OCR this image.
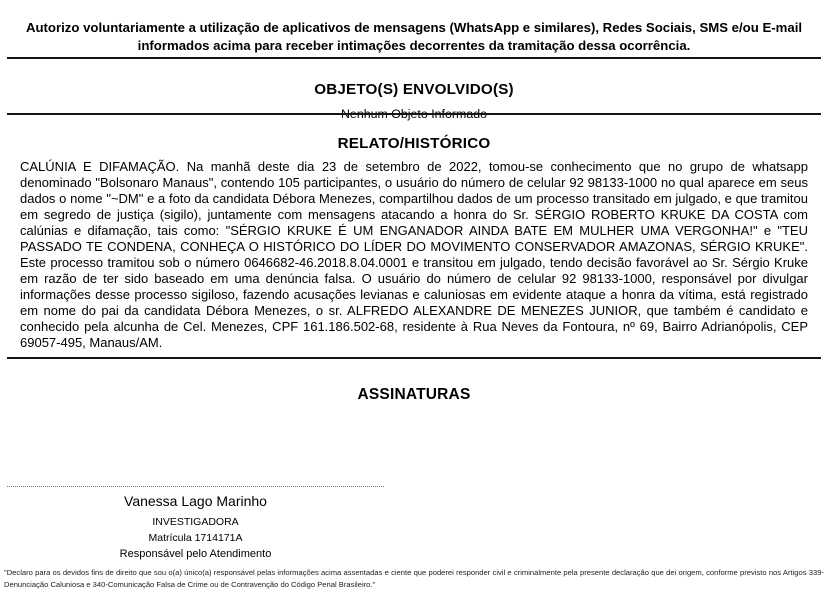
Autorizo voluntariamente a utilização de aplicativos de mensagens (WhatsApp e similares), Redes Sociais, SMS e/ou E-mail informados acima para receber intimações decorrentes da tramitação dessa ocorrência.

OBJETO(S) ENVOLVIDO(S)

RELATO/HISTÓRICO

CALÚNIA E DIFAMAÇÃO. Na manhã deste dia 23 de setembro de 2022, tomou-se conhecimento que no grupo de whatsapp denominado "Bolsonaro Manaus", contendo 105 participantes, o usuário do número de celular 92 98133-1000 no qual aparece em seus dados o nome "~DM" e a foto da candidata Débora Menezes, compartilhou dados de um processo transitado em julgado, e que tramitou em segredo de justiça (sigilo), juntamente com mensagens atacando a honra do Sr. SÉRGIO ROBERTO KRUKE DA COSTA com calúnias e difamação, tais como: "SÉRGIO KRUKE É UM ENGANADOR AINDA BATE EM MULHER UMA VERGONHA!" e "TEU PASSADO TE CONDENA, CONHEÇA O HISTÓRICO DO LÍDER DO MOVIMENTO CONSERVADOR AMAZONAS, SÉRGIO KRUKE". Este processo tramitou sob o número 0646682-46.2018.8.04.0001 e transitou em julgado, tendo decisão favorável ao Sr. Sérgio Kruke em razão de ter sido baseado em uma denúncia falsa. O usuário do número de celular 92 98133-1000, responsável por divulgar informações desse processo sigiloso, fazendo acusações levianas e caluniosas em evidente ataque a honra da vítima, está registrado em nome do pai da candidata Débora Menezes, o sr. ALFREDO ALEXANDRE DE MENEZES JUNIOR, que também é candidato e conhecido pela alcunha de Cel. Menezes, CPF 161.186.502-68, residente à Rua Neves da Fontoura, nº 69, Bairro Adrianópolis, CEP 69057-495, Manaus/AM.

ASSINATURAS
Vanessa Lago Marinho
INVESTIGADORA
Matrícula 1714171A
Responsável pelo Atendimento

"Declaro para os devidos fins de direito que sou o(a) único(a) responsável pelas informações acima assentadas e ciente que poderei responder civil e criminalmente pela presente declaração que dei origem, conforme previsto nos Artigos 339-Denunciação Caluniosa e 340-Comunicação Falsa de Crime ou de Contravenção do Código Penal Brasileiro."
